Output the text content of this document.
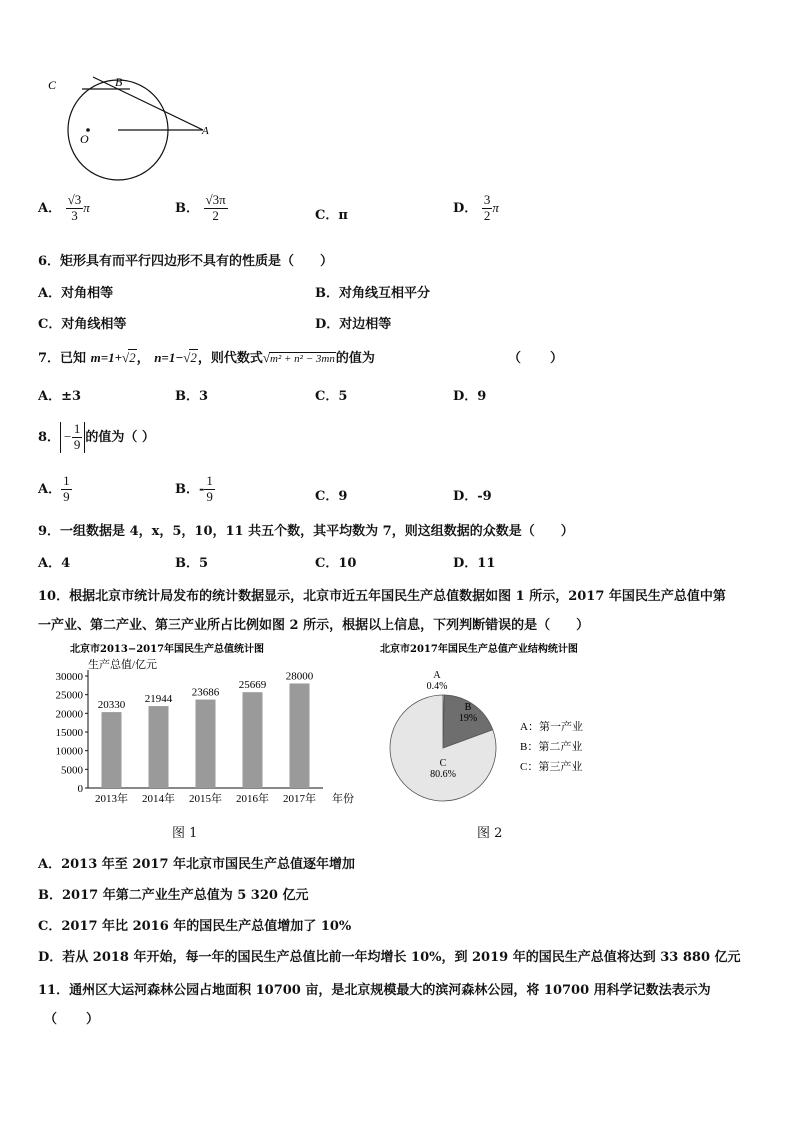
C	B
O
A
A． $\frac{√3}{3}$ π	B． $\frac{√3\pi}{2}$	C．π	D． $\frac{3}{2}$ π
6．矩形具有而平行四边形不具有的性质是（　　）
A．对角相等	B．对角线互相平分
C．对角线相等	D．对边相等
7．已知 m=1+√2， n=1−√2，则代数式√m² + n² − 3mn的值为	（　　）
A．±3	B．3	C．5	D．9
8． − $\frac{1}{9}$ 的值为（ ）
A． $\frac{1}{9}$	B．- $\frac{1}{9}$	C．9	D．-9
9．一组数据是 4，x，5，10，11 共五个数，其平均数为 7，则这组数据的众数是（　　）
A．4	B．5	C．10	D．11
10．根据北京市统计局发布的统计数据显示，北京市近五年国民生产总值数据如图 1 所示，2017 年国民生产总值中第
一产业、第二产业、第三产业所占比例如图 2 所示，根据以上信息，下列判断错误的是（　　）
北京市2013−2017年国民生产总值统计图
生产总值/亿元
0
5000
10000
15000
20000
25000
30000
20330
2013年
21944
2014年
23686
2015年
25669
2016年
28000
2017年 年份
北京市2017年国民生产总值产业结构统计图
A
0.4%
B
19%
C
80.6%
A：第一产业
B：第二产业
C：第三产业
图 1	图 2
A．2013 年至 2017 年北京市国民生产总值逐年增加
B．2017 年第二产业生产总值为 5 320 亿元
C．2017 年比 2016 年的国民生产总值增加了 10%
D．若从 2018 年开始，每一年的国民生产总值比前一年均增长 10%，到 2019 年的国民生产总值将达到 33 880 亿元
11．通州区大运河森林公园占地面积 10700 亩，是北京规模最大的滨河森林公园，将 10700 用科学记数法表示为
（　　）
